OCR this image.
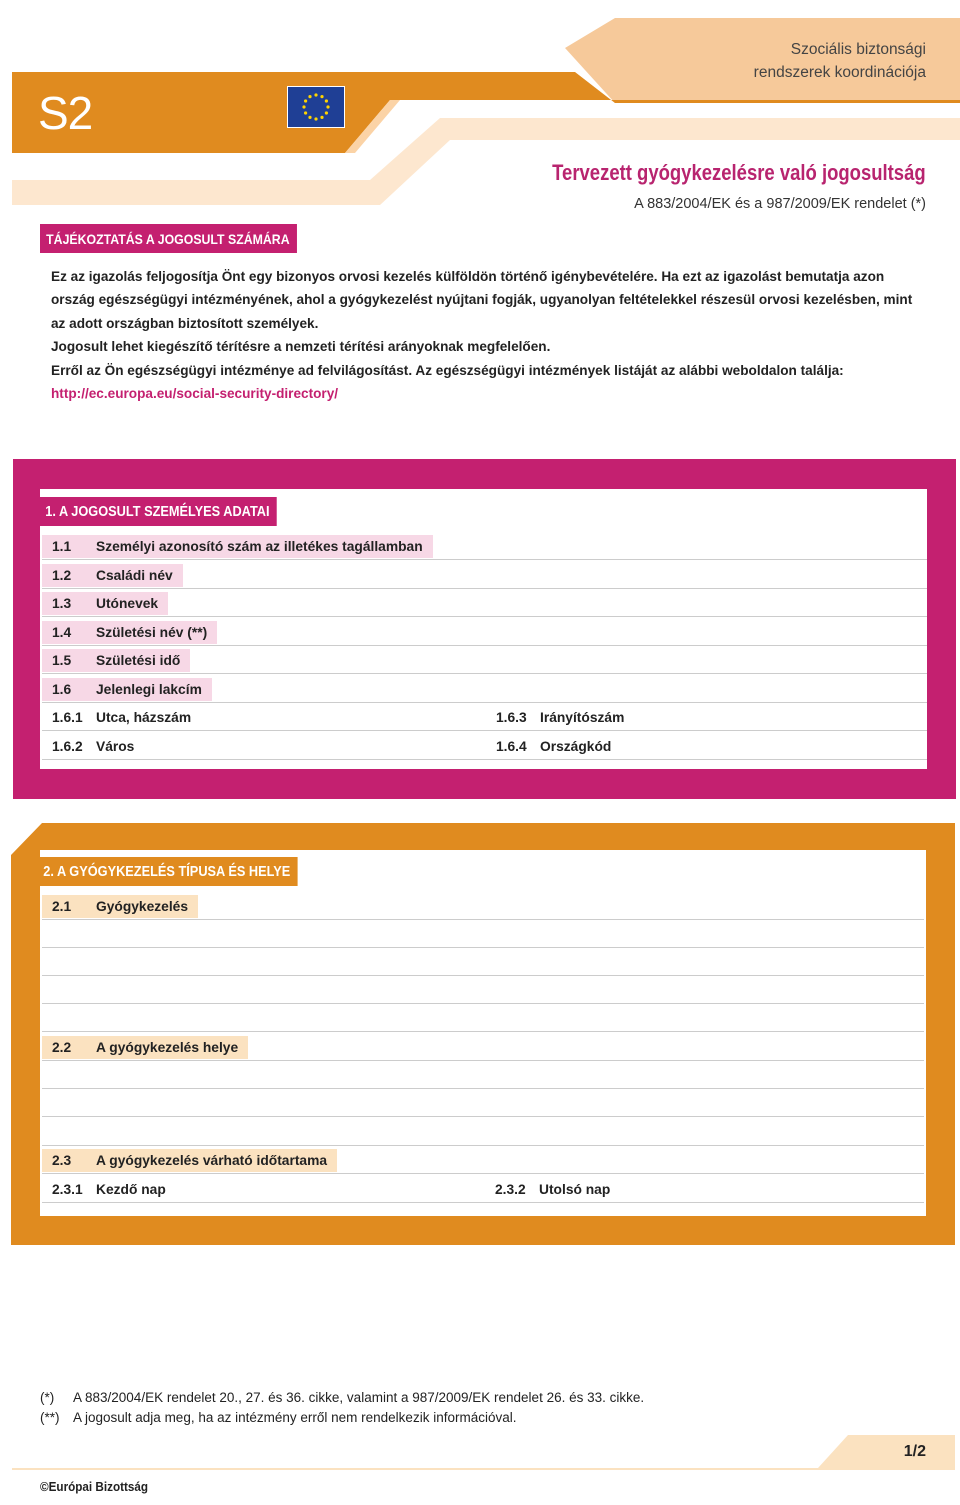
S2
Szociális biztonsági
rendszerek koordinációja
Tervezett gyógykezelésre való jogosultság
A 883/2004/EK és a 987/2009/EK rendelet (*)
TÁJÉKOZTATÁS A JOGOSULT SZÁMÁRA

Ez az igazolás feljogosítja Önt egy bizonyos orvosi kezelés külföldön történő igénybevételére. Ha ezt az igazolást bemutatja azon ország egészségügyi intézményének, ahol a gyógykezelést nyújtani fogják, ugyanolyan feltételekkel részesül orvosi kezelésben, mint az adott országban biztosított személyek.

Jogosult lehet kiegészítő térítésre a nemzeti térítési arányoknak megfelelően.

Erről az Ön egészségügyi intézménye ad felvilágosítást. Az egészségügyi intézmények listáját az alábbi weboldalon találja: http://ec.europa.eu/social-security-directory/

1. A JOGOSULT SZEMÉLYES ADATAI
1.1 Személyi azonosító szám az illetékes tagállamban
1.2 Családi név
1.3 Utónevek
1.4 Születési név (**)
1.5 Születési idő
1.6 Jelenlegi lakcím
1.6.1 Utca, házszám	1.6.3 Irányítószám
1.6.2 Város	1.6.4 Országkód
2. A GYÓGYKEZELÉS TÍPUSA ÉS HELYE
2.1 Gyógykezelés
2.2 A gyógykezelés helye
2.3 A gyógykezelés várható időtartama
2.3.1 Kezdő nap	2.3.2 Utolsó nap
(*) A 883/2004/EK rendelet 20., 27. és 36. cikke, valamint a 987/2009/EK rendelet 26. és 33. cikke.
(**) A jogosult adja meg, ha az intézmény erről nem rendelkezik információval.
1/2
©Európai Bizottság
